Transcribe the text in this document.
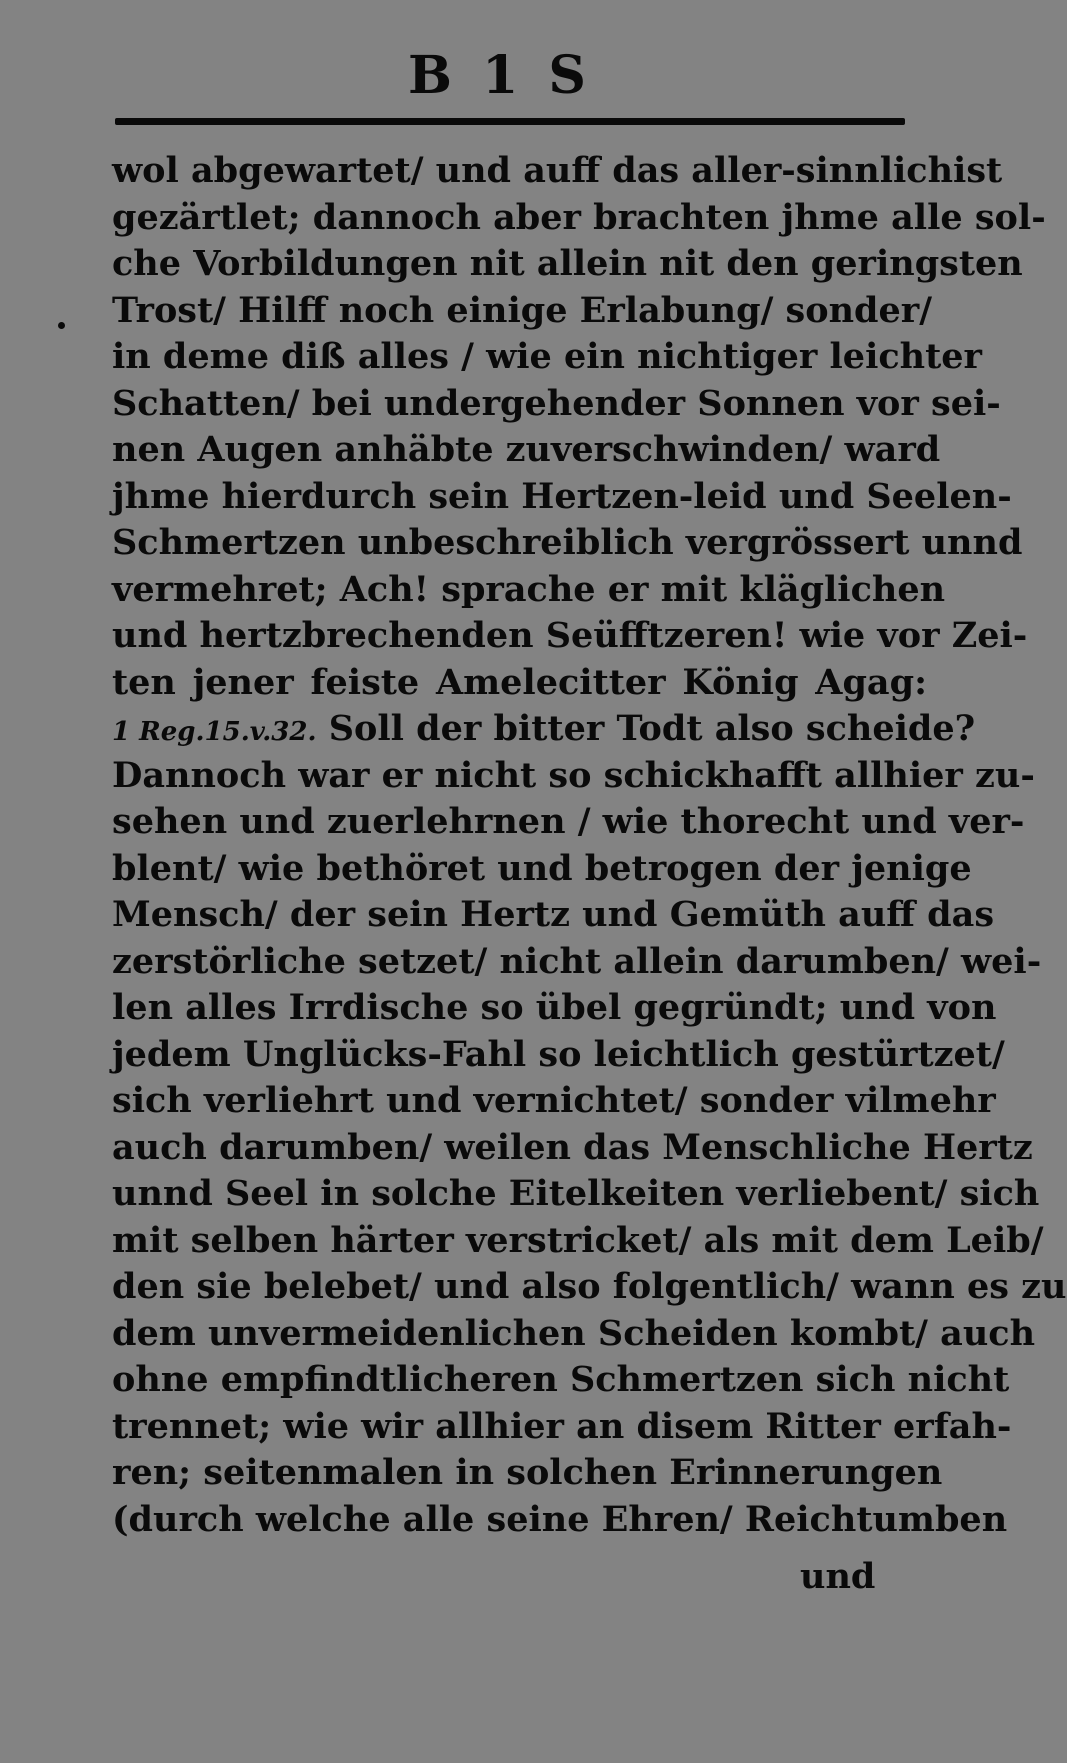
B 1 S
wol abgewartet/ und auff das aller-sinnlichist
gezärtlet; dannoch aber brachten jhme alle sol-
che Vorbildungen nit allein nit den geringsten
Trost/ Hilff noch einige Erlabung/ sonder/
in deme diß alles / wie ein nichtiger leichter
Schatten/ bei undergehender Sonnen vor sei-
nen Augen anhäbte zuverschwinden/ ward
jhme hierdurch sein Hertzen-leid und Seelen-
Schmertzen unbeschreiblich vergrössert unnd
vermehret; Ach! sprache er mit kläglichen
und hertzbrechenden Seüfftzeren! wie vor Zei-
ten jener feiste Amelecitter König Agag:
1 Reg.15.v.32. Soll der bitter Todt also scheide?
Dannoch war er nicht so schickhafft allhier zu-
sehen und zuerlehrnen / wie thorecht und ver-
blent/ wie bethöret und betrogen der jenige
Mensch/ der sein Hertz und Gemüth auff das
zerstörliche setzet/ nicht allein darumben/ wei-
len alles Irrdische so übel gegründt; und von
jedem Unglücks-Fahl so leichtlich gestürtzet/
sich verliehrt und vernichtet/ sonder vilmehr
auch darumben/ weilen das Menschliche Hertz
unnd Seel in solche Eitelkeiten verliebent/ sich
mit selben härter verstricket/ als mit dem Leib/
den sie belebet/ und also folgentlich/ wann es zu
dem unvermeidenlichen Scheiden kombt/ auch
ohne empfindtlicheren Schmertzen sich nicht
trennet; wie wir allhier an disem Ritter erfah-
ren; seitenmalen in solchen Erinnerungen
(durch welche alle seine Ehren/ Reichtumben
und
